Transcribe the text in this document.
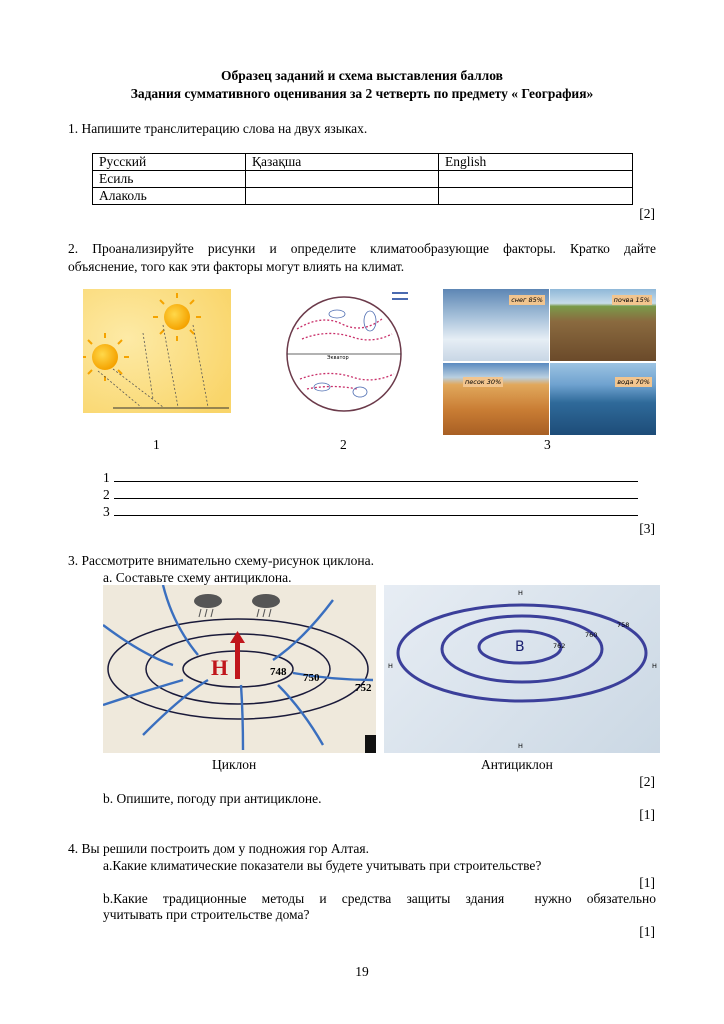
Образец заданий и схема выставления баллов
Задания суммативного оценивания за 2 четверть по предмету « География»
1. Напишите транслитерацию слова на двух языках.
Русский	Қазақша	English
Есиль		
Алаколь		
[2]
2. Проанализируйте рисунки и определите климатообразующие факторы. Кратко дайте
объяснение, того как эти факторы могут влиять на климат.
Экватор
снег 85%	почва 15%
песок 30%	вода 70%
1	2	3
1
2
3
[3]
3. Рассмотрите внимательно схему-рисунок циклона.
a. Составьте схему антициклона.
Н	748 750
752
В	762
760
758
Н
Н	Н
Н
Циклон	Антициклон
[2]
b. Опишите, погоду при антициклоне.
[1]
4. Вы решили построить дом у подножия гор Алтая.
a.Какие климатические показатели вы будете учитывать при строительстве?
[1]
b.Какие  традиционные  методы  и  средства  защиты  здания    нужно  обязательно
учитывать при строительстве дома?
[1]
19
